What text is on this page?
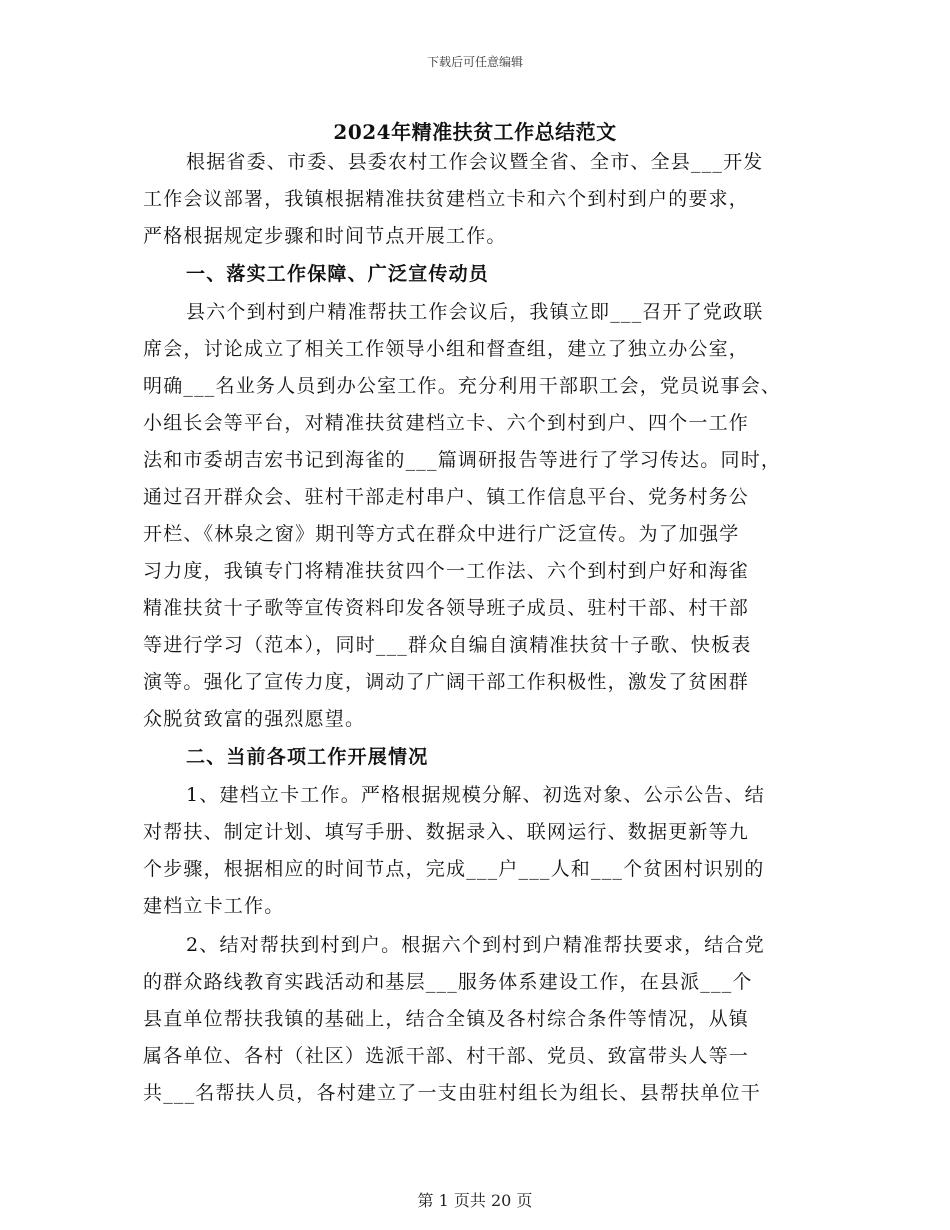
下载后可任意编辑
2024年精准扶贫工作总结范文
根据省委、市委、县委农村工作会议暨全省、全市、全县___开发
工作会议部署，我镇根据精准扶贫建档立卡和六个到村到户的要求，
严格根据规定步骤和时间节点开展工作。
一、落实工作保障、广泛宣传动员
县六个到村到户精准帮扶工作会议后，我镇立即___召开了党政联
席会，讨论成立了相关工作领导小组和督查组，建立了独立办公室，
明确___名业务人员到办公室工作。充分利用干部职工会，党员说事会、
小组长会等平台，对精准扶贫建档立卡、六个到村到户、四个一工作
法和市委胡吉宏书记到海雀的___篇调研报告等进行了学习传达。同时，
通过召开群众会、驻村干部走村串户、镇工作信息平台、党务村务公
开栏、《林泉之窗》期刊等方式在群众中进行广泛宣传。为了加强学
习力度，我镇专门将精准扶贫四个一工作法、六个到村到户好和海雀
精准扶贫十子歌等宣传资料印发各领导班子成员、驻村干部、村干部
等进行学习（范本），同时___群众自编自演精准扶贫十子歌、快板表
演等。强化了宣传力度，调动了广阔干部工作积极性，激发了贫困群
众脱贫致富的强烈愿望。
二、当前各项工作开展情况
1、建档立卡工作。严格根据规模分解、初选对象、公示公告、结
对帮扶、制定计划、填写手册、数据录入、联网运行、数据更新等九
个步骤，根据相应的时间节点，完成___户___人和___个贫困村识别的
建档立卡工作。
2、结对帮扶到村到户。根据六个到村到户精准帮扶要求，结合党
的群众路线教育实践活动和基层___服务体系建设工作，在县派___个
县直单位帮扶我镇的基础上，结合全镇及各村综合条件等情况，从镇
属各单位、各村（社区）选派干部、村干部、党员、致富带头人等一
共___名帮扶人员，各村建立了一支由驻村组长为组长、县帮扶单位干
第 1 页共 20 页
